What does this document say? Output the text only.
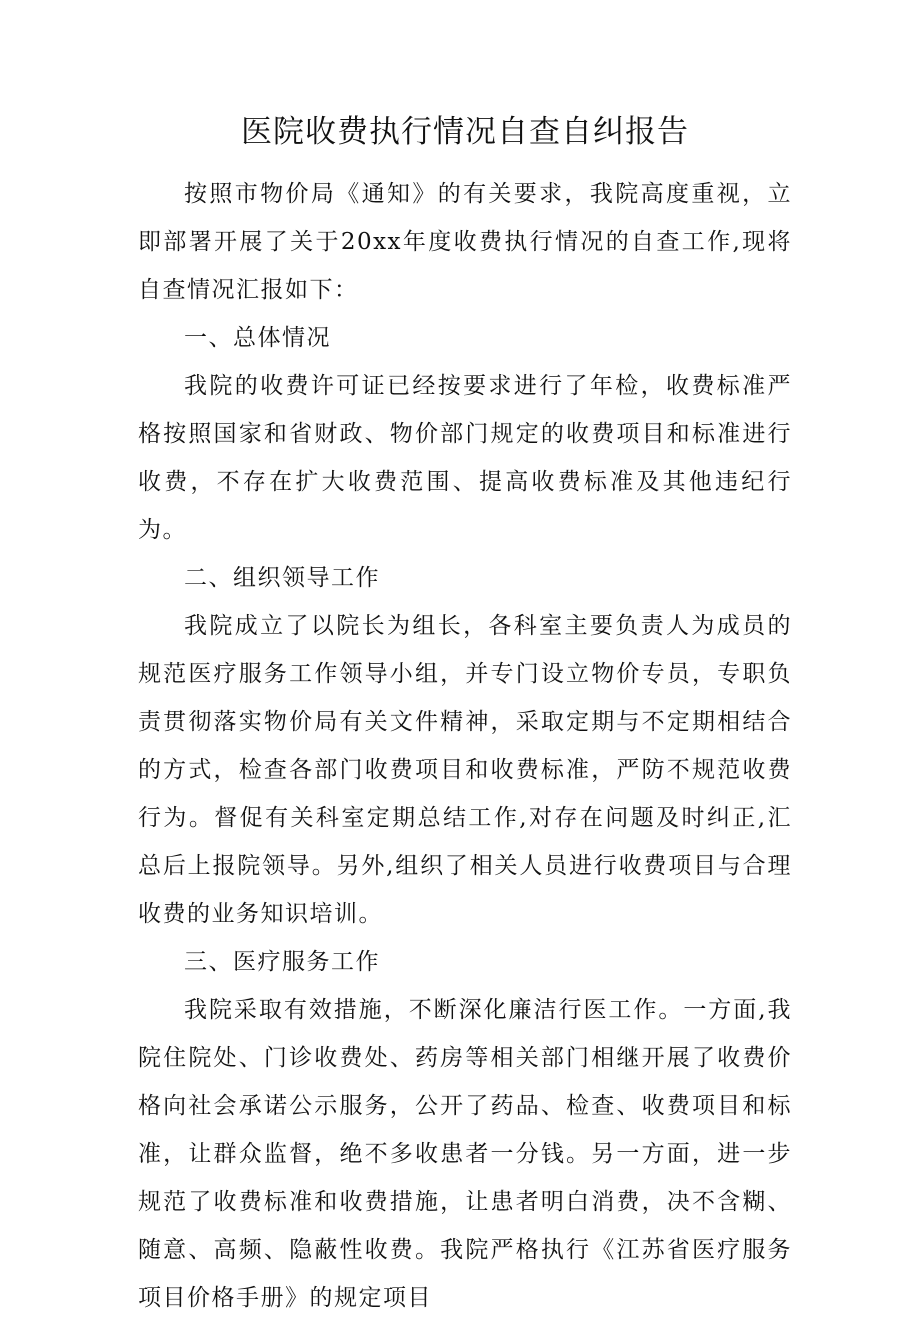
医院收费执行情况自查自纠报告

按照市物价局《通知》的有关要求，我院高度重视，立即部署开展了关于20xx年度收费执行情况的自查工作,现将自查情况汇报如下：

一、总体情况

我院的收费许可证已经按要求进行了年检，收费标准严格按照国家和省财政、物价部门规定的收费项目和标准进行收费，不存在扩大收费范围、提高收费标准及其他违纪行为。

二、组织领导工作

我院成立了以院长为组长，各科室主要负责人为成员的规范医疗服务工作领导小组，并专门设立物价专员，专职负责贯彻落实物价局有关文件精神，采取定期与不定期相结合的方式，检查各部门收费项目和收费标准，严防不规范收费行为。督促有关科室定期总结工作,对存在问题及时纠正,汇总后上报院领导。另外,组织了相关人员进行收费项目与合理收费的业务知识培训。

三、医疗服务工作

我院采取有效措施，不断深化廉洁行医工作。一方面,我院住院处、门诊收费处、药房等相关部门相继开展了收费价格向社会承诺公示服务，公开了药品、检查、收费项目和标准，让群众监督，绝不多收患者一分钱。另一方面，进一步规范了收费标准和收费措施，让患者明白消费，决不含糊、随意、高频、隐蔽性收费。我院严格执行《江苏省医疗服务项目价格手册》的规定项目
